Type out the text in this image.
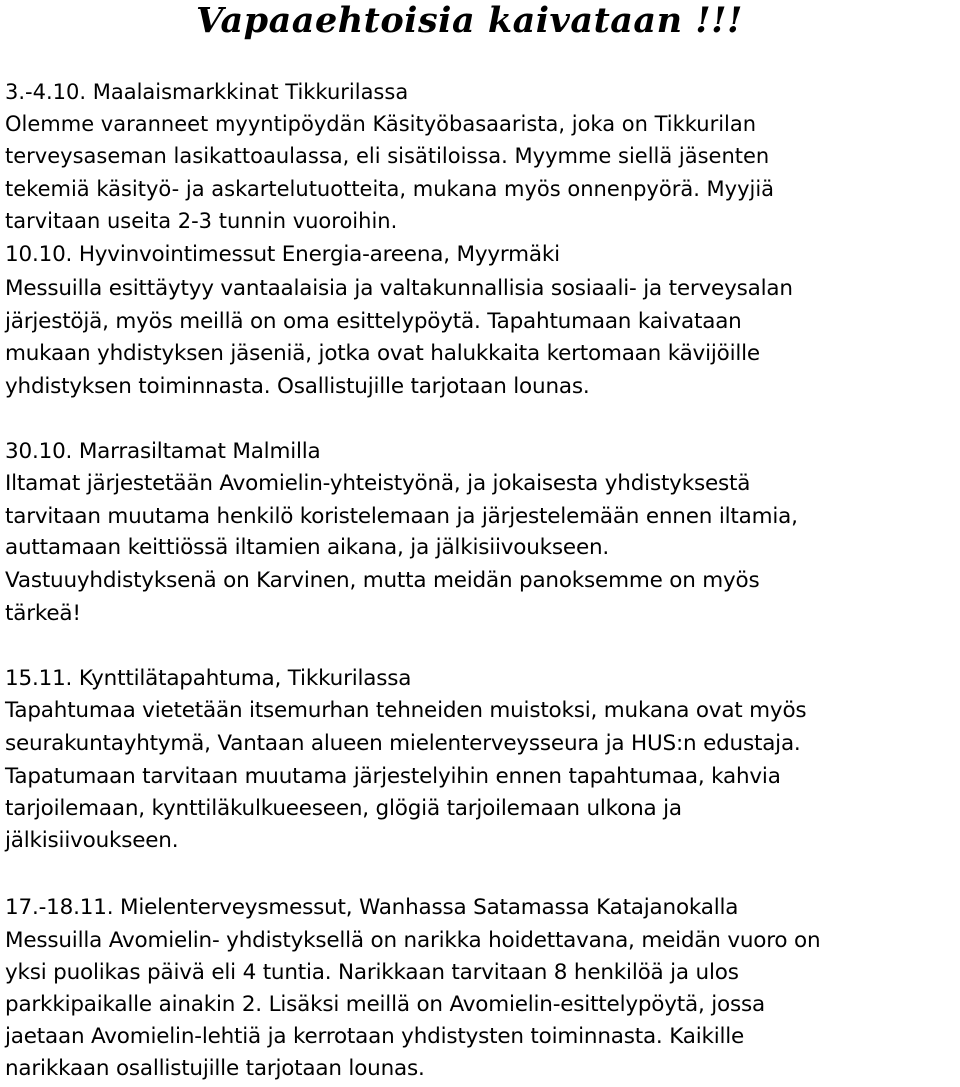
Vapaaehtoisia kaivataan !!!
3.-4.10. Maalaismarkkinat Tikkurilassa
Olemme varanneet myyntipöydän Käsityöbasaarista, joka on Tikkurilan
terveysaseman lasikattoaulassa, eli sisätiloissa. Myymme siellä jäsenten
tekemiä käsityö- ja askartelutuotteita, mukana myös onnenpyörä. Myyjiä
tarvitaan useita 2-3 tunnin vuoroihin.
10.10. Hyvinvointimessut Energia-areena, Myyrmäki
Messuilla esittäytyy vantaalaisia ja valtakunnallisia sosiaali- ja terveysalan
järjestöjä, myös meillä on oma esittelypöytä. Tapahtumaan kaivataan
mukaan yhdistyksen jäseniä, jotka ovat halukkaita kertomaan kävijöille
yhdistyksen toiminnasta. Osallistujille tarjotaan lounas.
30.10. Marrasiltamat Malmilla
Iltamat järjestetään Avomielin-yhteistyönä, ja jokaisesta yhdistyksestä
tarvitaan muutama henkilö koristelemaan ja järjestelemään ennen iltamia,
auttamaan keittiössä iltamien aikana, ja jälkisiivoukseen.
Vastuuyhdistyksenä on Karvinen, mutta meidän panoksemme on myös
tärkeä!
15.11. Kynttilätapahtuma, Tikkurilassa
Tapahtumaa vietetään itsemurhan tehneiden muistoksi, mukana ovat myös
seurakuntayhtymä, Vantaan alueen mielenterveysseura ja HUS:n edustaja.
Tapatumaan tarvitaan muutama järjestelyihin ennen tapahtumaa, kahvia
tarjoilemaan, kynttiläkulkueeseen, glögiä tarjoilemaan ulkona ja
jälkisiivoukseen.
17.-18.11. Mielenterveysmessut, Wanhassa Satamassa Katajanokalla
Messuilla Avomielin- yhdistyksellä on narikka hoidettavana, meidän vuoro on
yksi puolikas päivä eli 4 tuntia. Narikkaan tarvitaan 8 henkilöä ja ulos
parkkipaikalle ainakin 2. Lisäksi meillä on Avomielin-esittelypöytä, jossa
jaetaan Avomielin-lehtiä ja kerrotaan yhdistysten toiminnasta. Kaikille
narikkaan osallistujille tarjotaan lounas.
